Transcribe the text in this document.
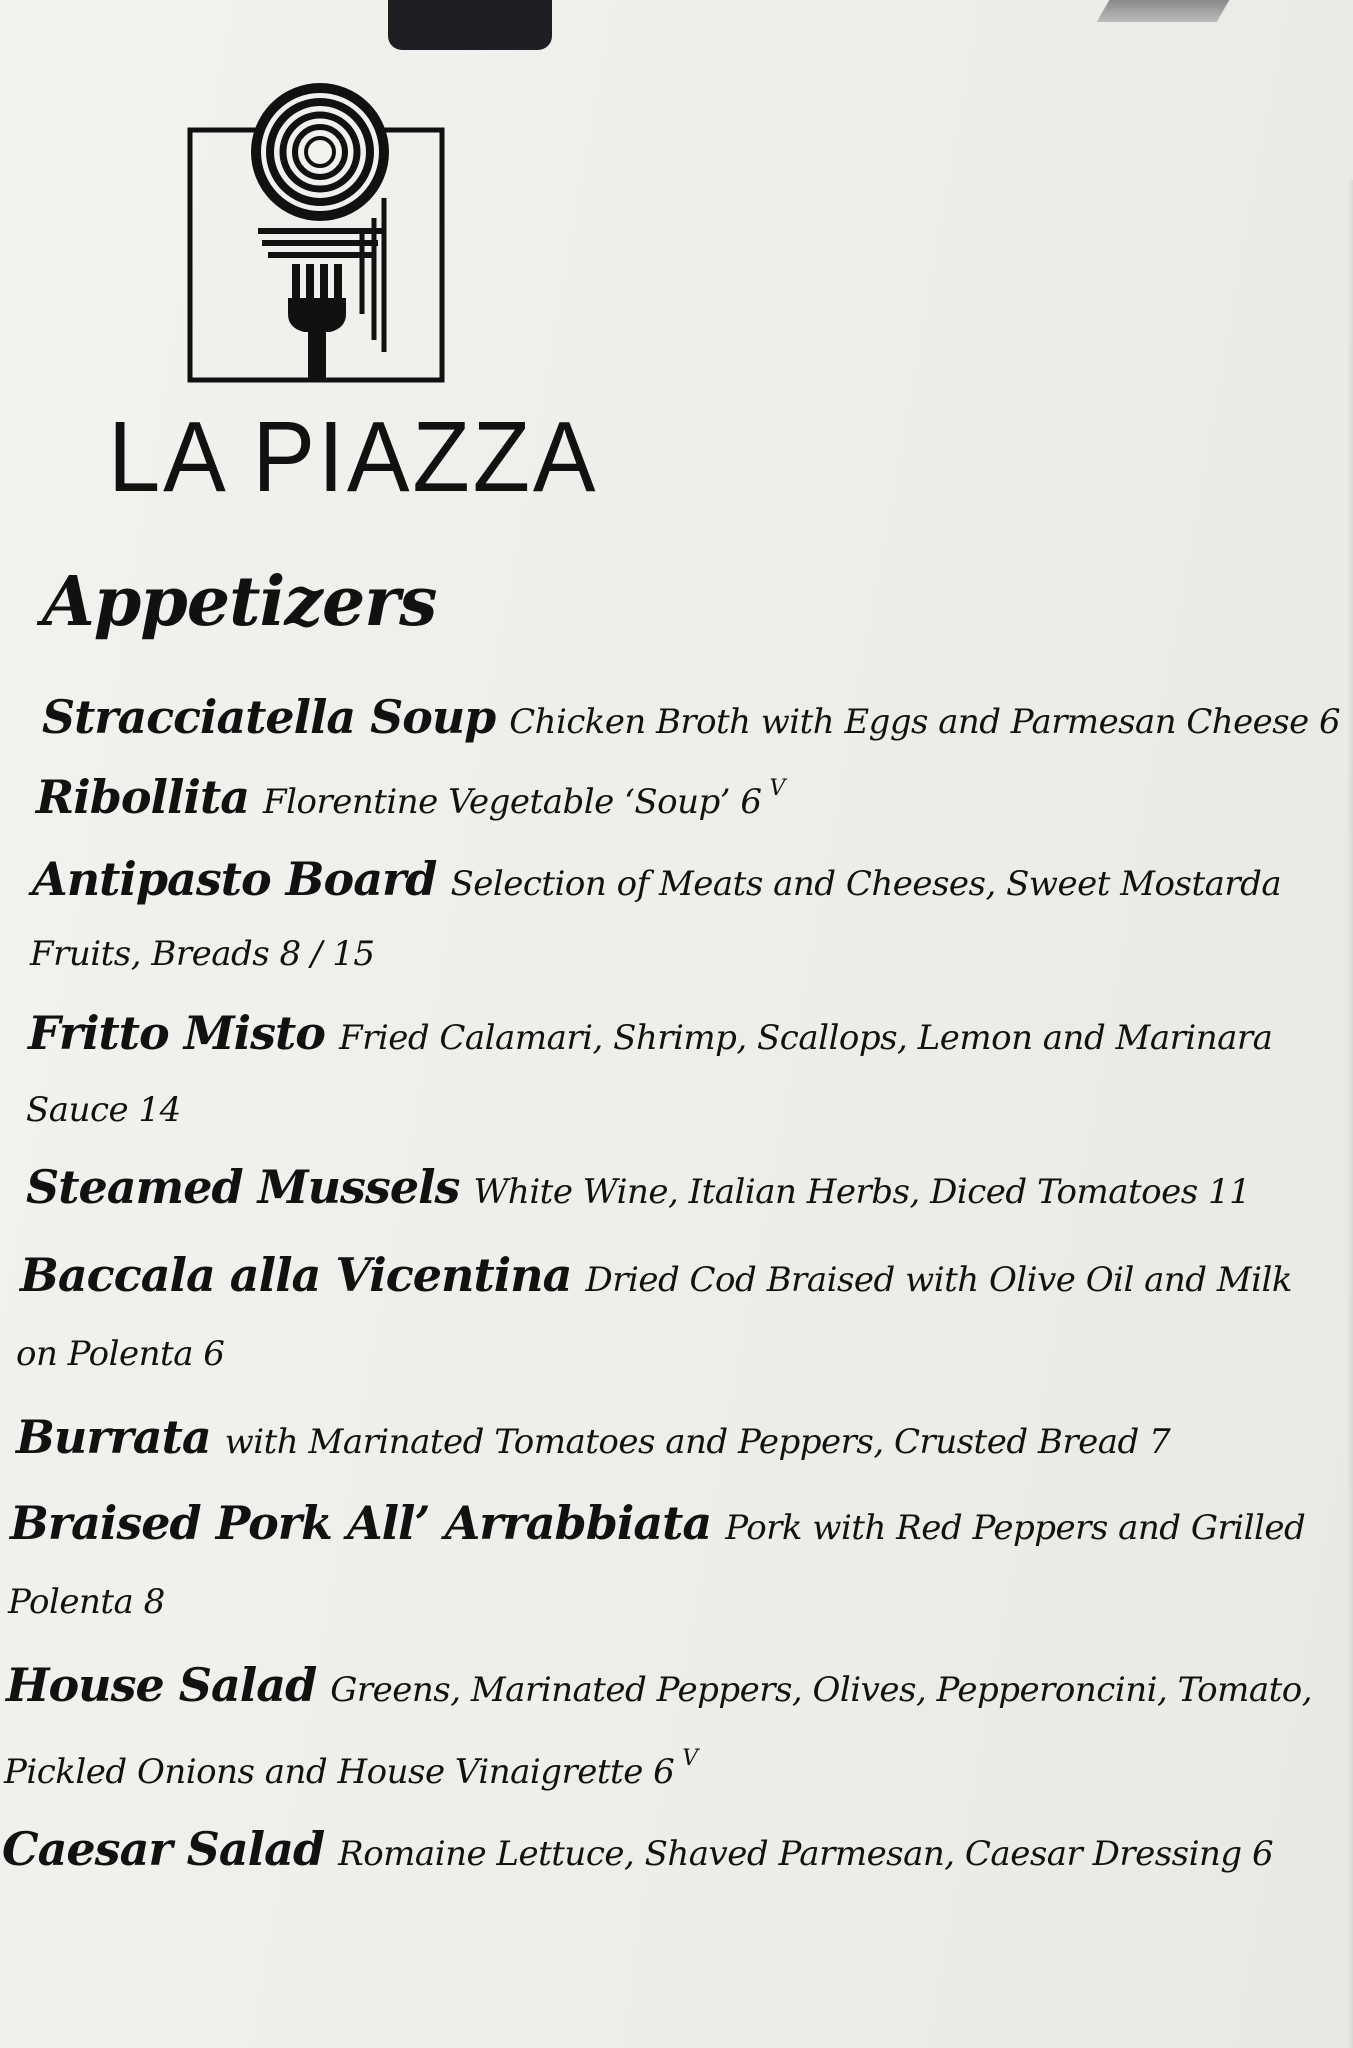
LA PIAZZA
Appetizers
Stracciatella Soup Chicken Broth with Eggs and Parmesan Cheese 6
Ribollita Florentine Vegetable ‘Soup’ 6 V
Antipasto Board Selection of Meats and Cheeses, Sweet Mostarda
Fruits, Breads 8 / 15
Fritto Misto Fried Calamari, Shrimp, Scallops, Lemon and Marinara
Sauce 14
Steamed Mussels White Wine, Italian Herbs, Diced Tomatoes 11
Baccala alla Vicentina Dried Cod Braised with Olive Oil and Milk
on Polenta 6
Burrata with Marinated Tomatoes and Peppers, Crusted Bread 7
Braised Pork All’ Arrabbiata Pork with Red Peppers and Grilled
Polenta 8
House Salad Greens, Marinated Peppers, Olives, Pepperoncini, Tomato,
Pickled Onions and House Vinaigrette 6 V
Caesar Salad Romaine Lettuce, Shaved Parmesan, Caesar Dressing 6
